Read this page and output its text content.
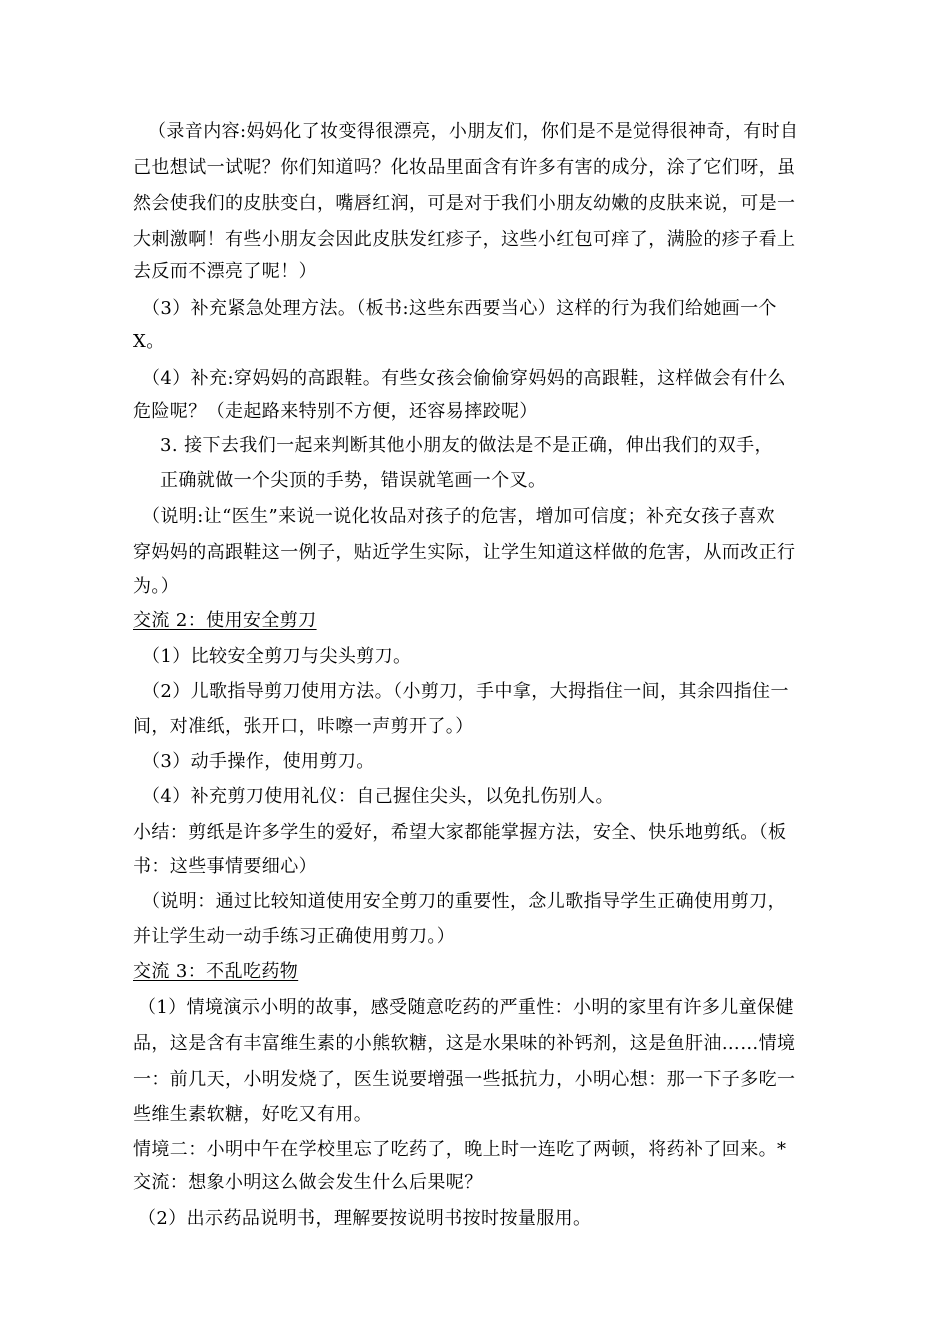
（录音内容:妈妈化了妆变得很漂亮，小朋友们，你们是不是觉得很神奇，有时自
己也想试一试呢？你们知道吗？化妆品里面含有许多有害的成分，涂了它们呀，虽
然会使我们的皮肤变白，嘴唇红润，可是对于我们小朋友幼嫩的皮肤来说，可是一
大刺激啊！有些小朋友会因此皮肤发红疹子，这些小红包可痒了，满脸的疹子看上
去反而不漂亮了呢！）
（3）补充紧急处理方法。（板书:这些东西要当心）这样的行为我们给她画一个
X。
（4）补充:穿妈妈的高跟鞋。有些女孩会偷偷穿妈妈的高跟鞋，这样做会有什么
危险呢？（走起路来特别不方便，还容易摔跤呢）
3. 接下去我们一起来判断其他小朋友的做法是不是正确，伸出我们的双手，
正确就做一个尖顶的手势，错误就笔画一个叉。
（说明:让“医生”来说一说化妆品对孩子的危害，增加可信度；补充女孩子喜欢
穿妈妈的高跟鞋这一例子，贴近学生实际，让学生知道这样做的危害，从而改正行
为。）
交流 2：使用安全剪刀
（1）比较安全剪刀与尖头剪刀。
（2）儿歌指导剪刀使用方法。（小剪刀，手中拿，大拇指住一间，其余四指住一
间，对准纸，张开口，咔嚓一声剪开了。）
（3）动手操作，使用剪刀。
（4）补充剪刀使用礼仪：自己握住尖头，以免扎伤别人。
小结：剪纸是许多学生的爱好，希望大家都能掌握方法，安全、快乐地剪纸。（板
书：这些事情要细心）
（说明：通过比较知道使用安全剪刀的重要性，念儿歌指导学生正确使用剪刀，
并让学生动一动手练习正确使用剪刀。）
交流 3：不乱吃药物
（1）情境演示小明的故事，感受随意吃药的严重性：小明的家里有许多儿童保健
品，这是含有丰富维生素的小熊软糖，这是水果味的补钙剂，这是鱼肝油……情境
一：前几天，小明发烧了，医生说要增强一些抵抗力，小明心想：那一下子多吃一
些维生素软糖，好吃又有用。
情境二：小明中午在学校里忘了吃药了，晚上时一连吃了两顿，将药补了回来。*
交流：想象小明这么做会发生什么后果呢？
（2）出示药品说明书，理解要按说明书按时按量服用。
